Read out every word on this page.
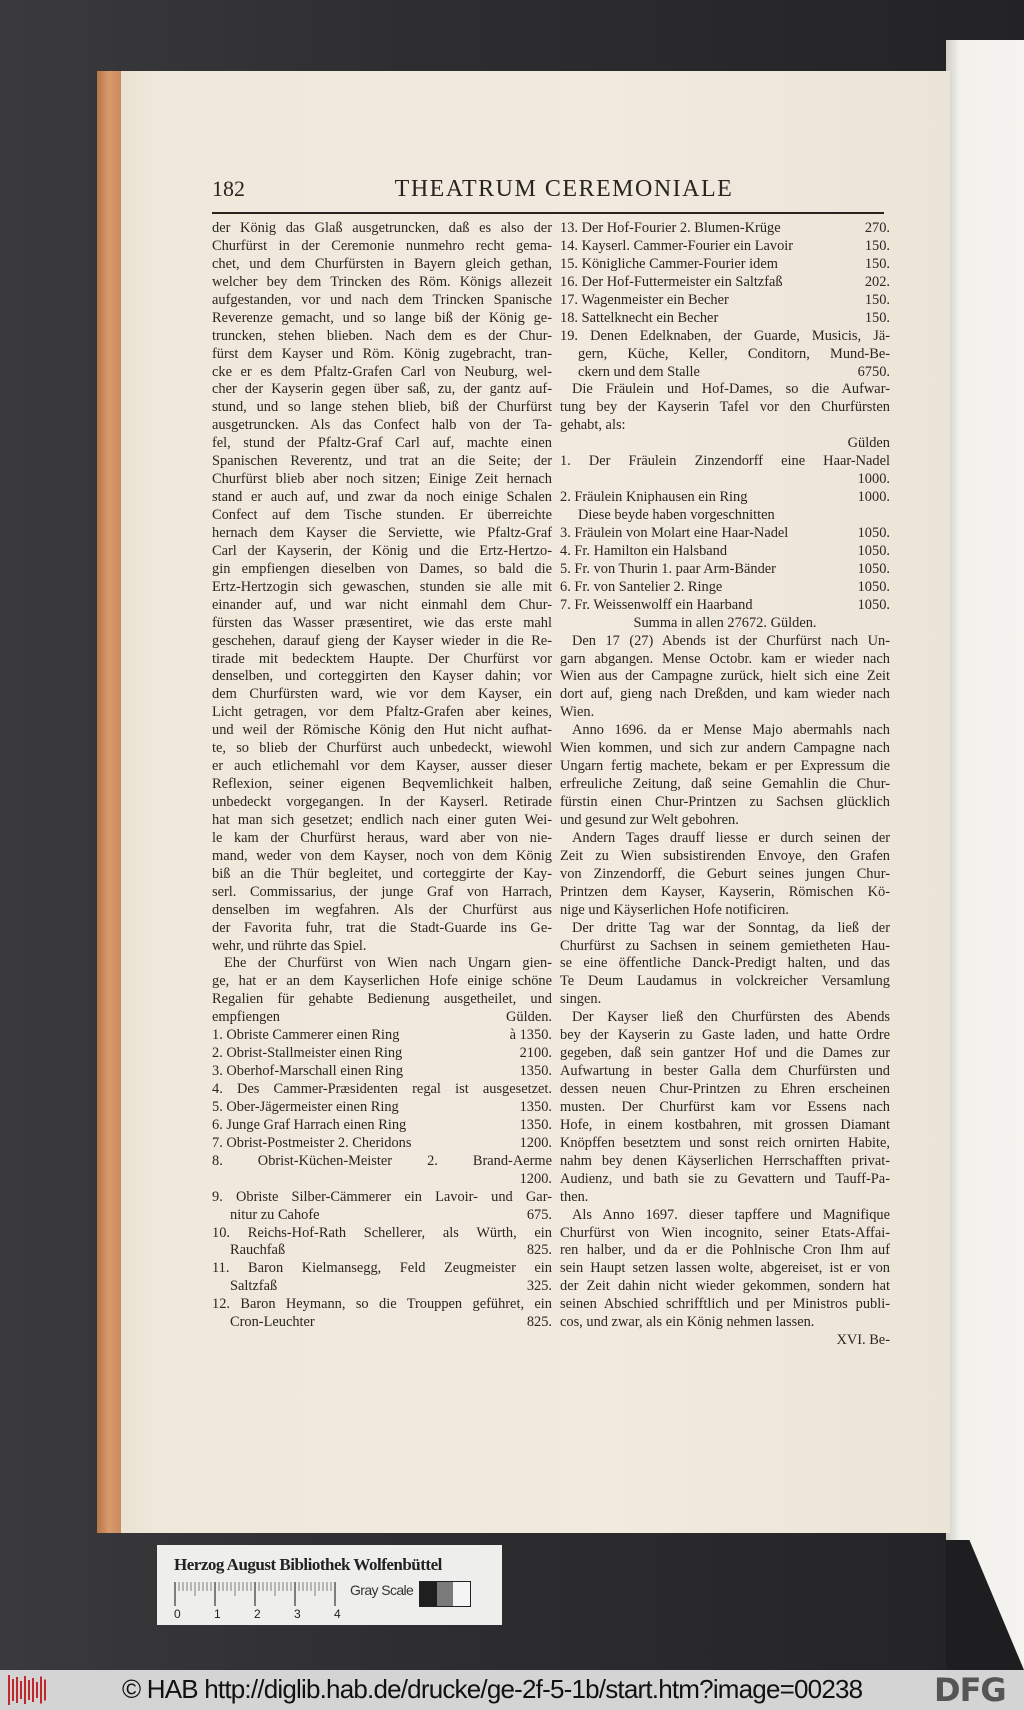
182	THEATRUM CEREMONIALE
der König das Glaß ausgetruncken, daß es also der
Churfürst in der Ceremonie nunmehro recht gema-
chet, und dem Churfürsten in Bayern gleich gethan,
welcher bey dem Trincken des Röm. Königs allezeit
aufgestanden, vor und nach dem Trincken Spanische
Reverenze gemacht, und so lange biß der König ge-
truncken, stehen blieben. Nach dem es der Chur-
fürst dem Kayser und Röm. König zugebracht, tran-
cke er es dem Pfaltz-Grafen Carl von Neuburg, wel-
cher der Kayserin gegen über saß, zu, der gantz auf-
stund, und so lange stehen blieb, biß der Churfürst
ausgetruncken. Als das Confect halb von der Ta-
fel, stund der Pfaltz-Graf Carl auf, machte einen
Spanischen Reverentz, und trat an die Seite; der
Churfürst blieb aber noch sitzen; Einige Zeit hernach
stand er auch auf, und zwar da noch einige Schalen
Confect auf dem Tische stunden. Er überreichte
hernach dem Kayser die Serviette, wie Pfaltz-Graf
Carl der Kayserin, der König und die Ertz-Hertzo-
gin empfiengen dieselben von Dames, so bald die
Ertz-Hertzogin sich gewaschen, stunden sie alle mit
einander auf, und war nicht einmahl dem Chur-
fürsten das Wasser præsentiret, wie das erste mahl
geschehen, darauf gieng der Kayser wieder in die Re-
tirade mit bedecktem Haupte. Der Churfürst vor
denselben, und corteggirten den Kayser dahin; vor
dem Churfürsten ward, wie vor dem Kayser, ein
Licht getragen, vor dem Pfaltz-Grafen aber keines,
und weil der Römische König den Hut nicht aufhat-
te, so blieb der Churfürst auch unbedeckt, wiewohl
er auch etlichemahl vor dem Kayser, ausser dieser
Reflexion, seiner eigenen Beqvemlichkeit halben,
unbedeckt vorgegangen. In der Kayserl. Retirade
hat man sich gesetzet; endlich nach einer guten Wei-
le kam der Churfürst heraus, ward aber von nie-
mand, weder von dem Kayser, noch von dem König
biß an die Thür begleitet, und corteggirte der Kay-
serl. Commissarius, der junge Graf von Harrach,
denselben im wegfahren. Als der Churfürst aus
der Favorita fuhr, trat die Stadt-Guarde ins Ge-
wehr, und rührte das Spiel.
Ehe der Churfürst von Wien nach Ungarn gien-
ge, hat er an dem Kayserlichen Hofe einige schöne
Regalien für gehabte Bedienung ausgetheilet, und
empfiengen	Gülden.
1. Obriste Cammerer einen Ring	à 1350.
2. Obrist-Stallmeister einen Ring	2100.
3. Oberhof-Marschall einen Ring	1350.
4. Des Cammer-Præsidenten regal ist ausgesetzet.
5. Ober-Jägermeister einen Ring	1350.
6. Junge Graf Harrach einen Ring	1350.
7. Obrist-Postmeister 2. Cheridons	1200.
8. Obrist-Küchen-Meister 2. Brand-Aerme
1200.
9. Obriste Silber-Cämmerer ein Lavoir- und Gar-
nitur zu Cahofe	675.
10. Reichs-Hof-Rath Schellerer, als Würth, ein
Rauchfaß	825.
11. Baron Kielmansegg, Feld Zeugmeister ein
Saltzfaß	325.
12. Baron Heymann, so die Trouppen geführet, ein
Cron-Leuchter	825.
13. Der Hof-Fourier 2. Blumen-Krüge	270.
14. Kayserl. Cammer-Fourier ein Lavoir	150.
15. Königliche Cammer-Fourier idem	150.
16. Der Hof-Futtermeister ein Saltzfaß	202.
17. Wagenmeister ein Becher	150.
18. Sattelknecht ein Becher	150.
19. Denen Edelknaben, der Guarde, Musicis, Jä-
gern, Küche, Keller, Conditorn, Mund-Be-
ckern und dem Stalle	6750.
Die Fräulein und Hof-Dames, so die Aufwar-
tung bey der Kayserin Tafel vor den Churfürsten
gehabt, als:
Gülden
1. Der Fräulein Zinzendorff eine Haar-Nadel
1000.
2. Fräulein Kniphausen ein Ring	1000.
Diese beyde haben vorgeschnitten
3. Fräulein von Molart eine Haar-Nadel	1050.
4. Fr. Hamilton ein Halsband	1050.
5. Fr. von Thurin 1. paar Arm-Bänder	1050.
6. Fr. von Santelier 2. Ringe	1050.
7. Fr. Weissenwolff ein Haarband	1050.
Summa in allen 27672. Gülden.
Den 17 (27) Abends ist der Churfürst nach Un-
garn abgangen. Mense Octobr. kam er wieder nach
Wien aus der Campagne zurück, hielt sich eine Zeit
dort auf, gieng nach Dreßden, und kam wieder nach
Wien.
Anno 1696. da er Mense Majo abermahls nach
Wien kommen, und sich zur andern Campagne nach
Ungarn fertig machete, bekam er per Expressum die
erfreuliche Zeitung, daß seine Gemahlin die Chur-
fürstin einen Chur-Printzen zu Sachsen glücklich
und gesund zur Welt gebohren.
Andern Tages drauff liesse er durch seinen der
Zeit zu Wien subsistirenden Envoye, den Grafen
von Zinzendorff, die Geburt seines jungen Chur-
Printzen dem Kayser, Kayserin, Römischen Kö-
nige und Käyserlichen Hofe notificiren.
Der dritte Tag war der Sonntag, da ließ der
Churfürst zu Sachsen in seinem gemietheten Hau-
se eine öffentliche Danck-Predigt halten, und das
Te Deum Laudamus in volckreicher Versamlung
singen.
Der Kayser ließ den Churfürsten des Abends
bey der Kayserin zu Gaste laden, und hatte Ordre
gegeben, daß sein gantzer Hof und die Dames zur
Aufwartung in bester Galla dem Churfürsten und
dessen neuen Chur-Printzen zu Ehren erscheinen
musten. Der Churfürst kam vor Essens nach
Hofe, in einem kostbahren, mit grossen Diamant
Knöpffen besetztem und sonst reich ornirten Habite,
nahm bey denen Käyserlichen Herrschafften privat-
Audienz, und bath sie zu Gevattern und Tauff-Pa-
then.
Als Anno 1697. dieser tapffere und Magnifique
Churfürst von Wien incognito, seiner Etats-Affai-
ren halber, und da er die Pohlnische Cron Ihm auf
sein Haupt setzen lassen wolte, abgereiset, ist er von
der Zeit dahin nicht wieder gekommen, sondern hat
seinen Abschied schrifftlich und per Ministros publi-
cos, und zwar, als ein König nehmen lassen.
XVI. Be-
Herzog August Bibliothek Wolfenbüttel
0	1	2	3	4
Gray Scale
© HAB http://diglib.hab.de/drucke/ge-2f-5-1b/start.htm?image=00238 DFG
